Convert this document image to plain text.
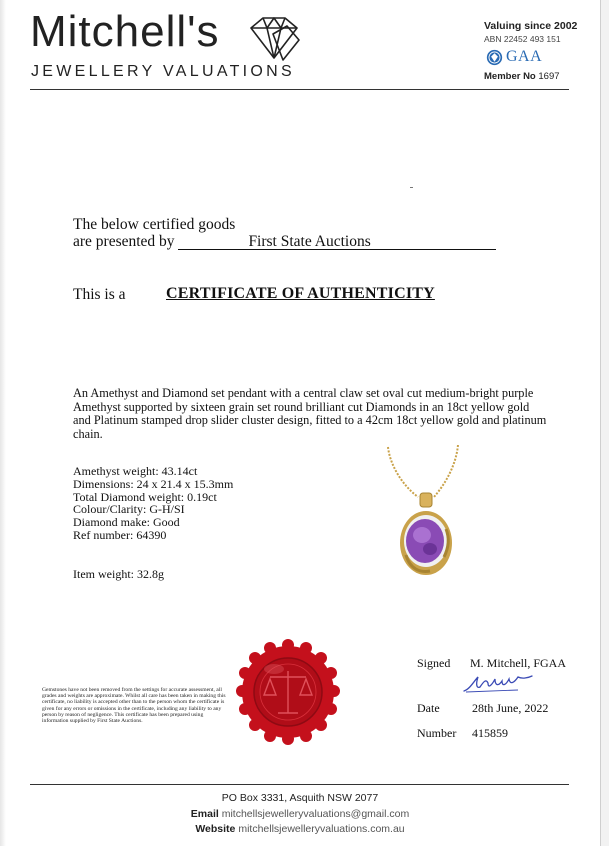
Mitchell's
JEWELLERY VALUATIONS
Valuing since 2002
ABN 22452 493 151
GAA
Member No 1697
The below certified goods
are presented by	First State Auctions
This is a	CERTIFICATE OF AUTHENTICITY
An Amethyst and Diamond set pendant with a central claw set oval cut medium-bright purple Amethyst supported by sixteen grain set round brilliant cut Diamonds in an 18ct yellow gold and Platinum stamped drop slider cluster design, fitted to a 42cm 18ct yellow gold and platinum chain.
Amethyst weight: 43.14ct
Dimensions: 24 x 21.4 x 15.3mm
Total Diamond weight: 0.19ct
Colour/Clarity: G-H/SI
Diamond make: Good
Ref number: 64390
Item weight: 32.8g
Gemstones have not been removed from the settings for accurate assessment, all grades and weights are approximate. Whilst all care has been taken in making this certificate, no liability is accepted other than to the person whom the certificate is given for any errors or omissions in the certificate, including any liability to any person by reason of negligence. This certificate has been prepared using information supplied by First State Auctions.
Signed M. Mitchell, FGAA
Date	28th June, 2022
Number 415859
PO Box 3331, Asquith NSW 2077
Email mitchellsjewelleryvaluations@gmail.com
Website mitchellsjewelleryvaluations.com.au
